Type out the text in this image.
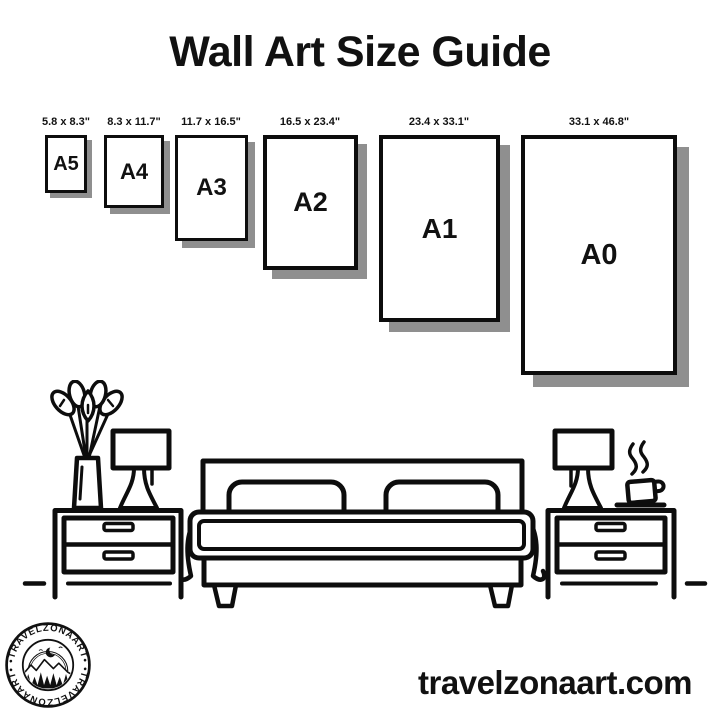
Wall Art Size Guide
5.8 x 8.3" 8.3 x 11.7" 11.7 x 16.5"	16.5 x 23.4"	23.4 x 33.1"	33.1 x 46.8"
A5 A4
A3 A2
A1
A0
•TRAVELZONAART•
•TRAVELZONAART•	travelzonaart.com
